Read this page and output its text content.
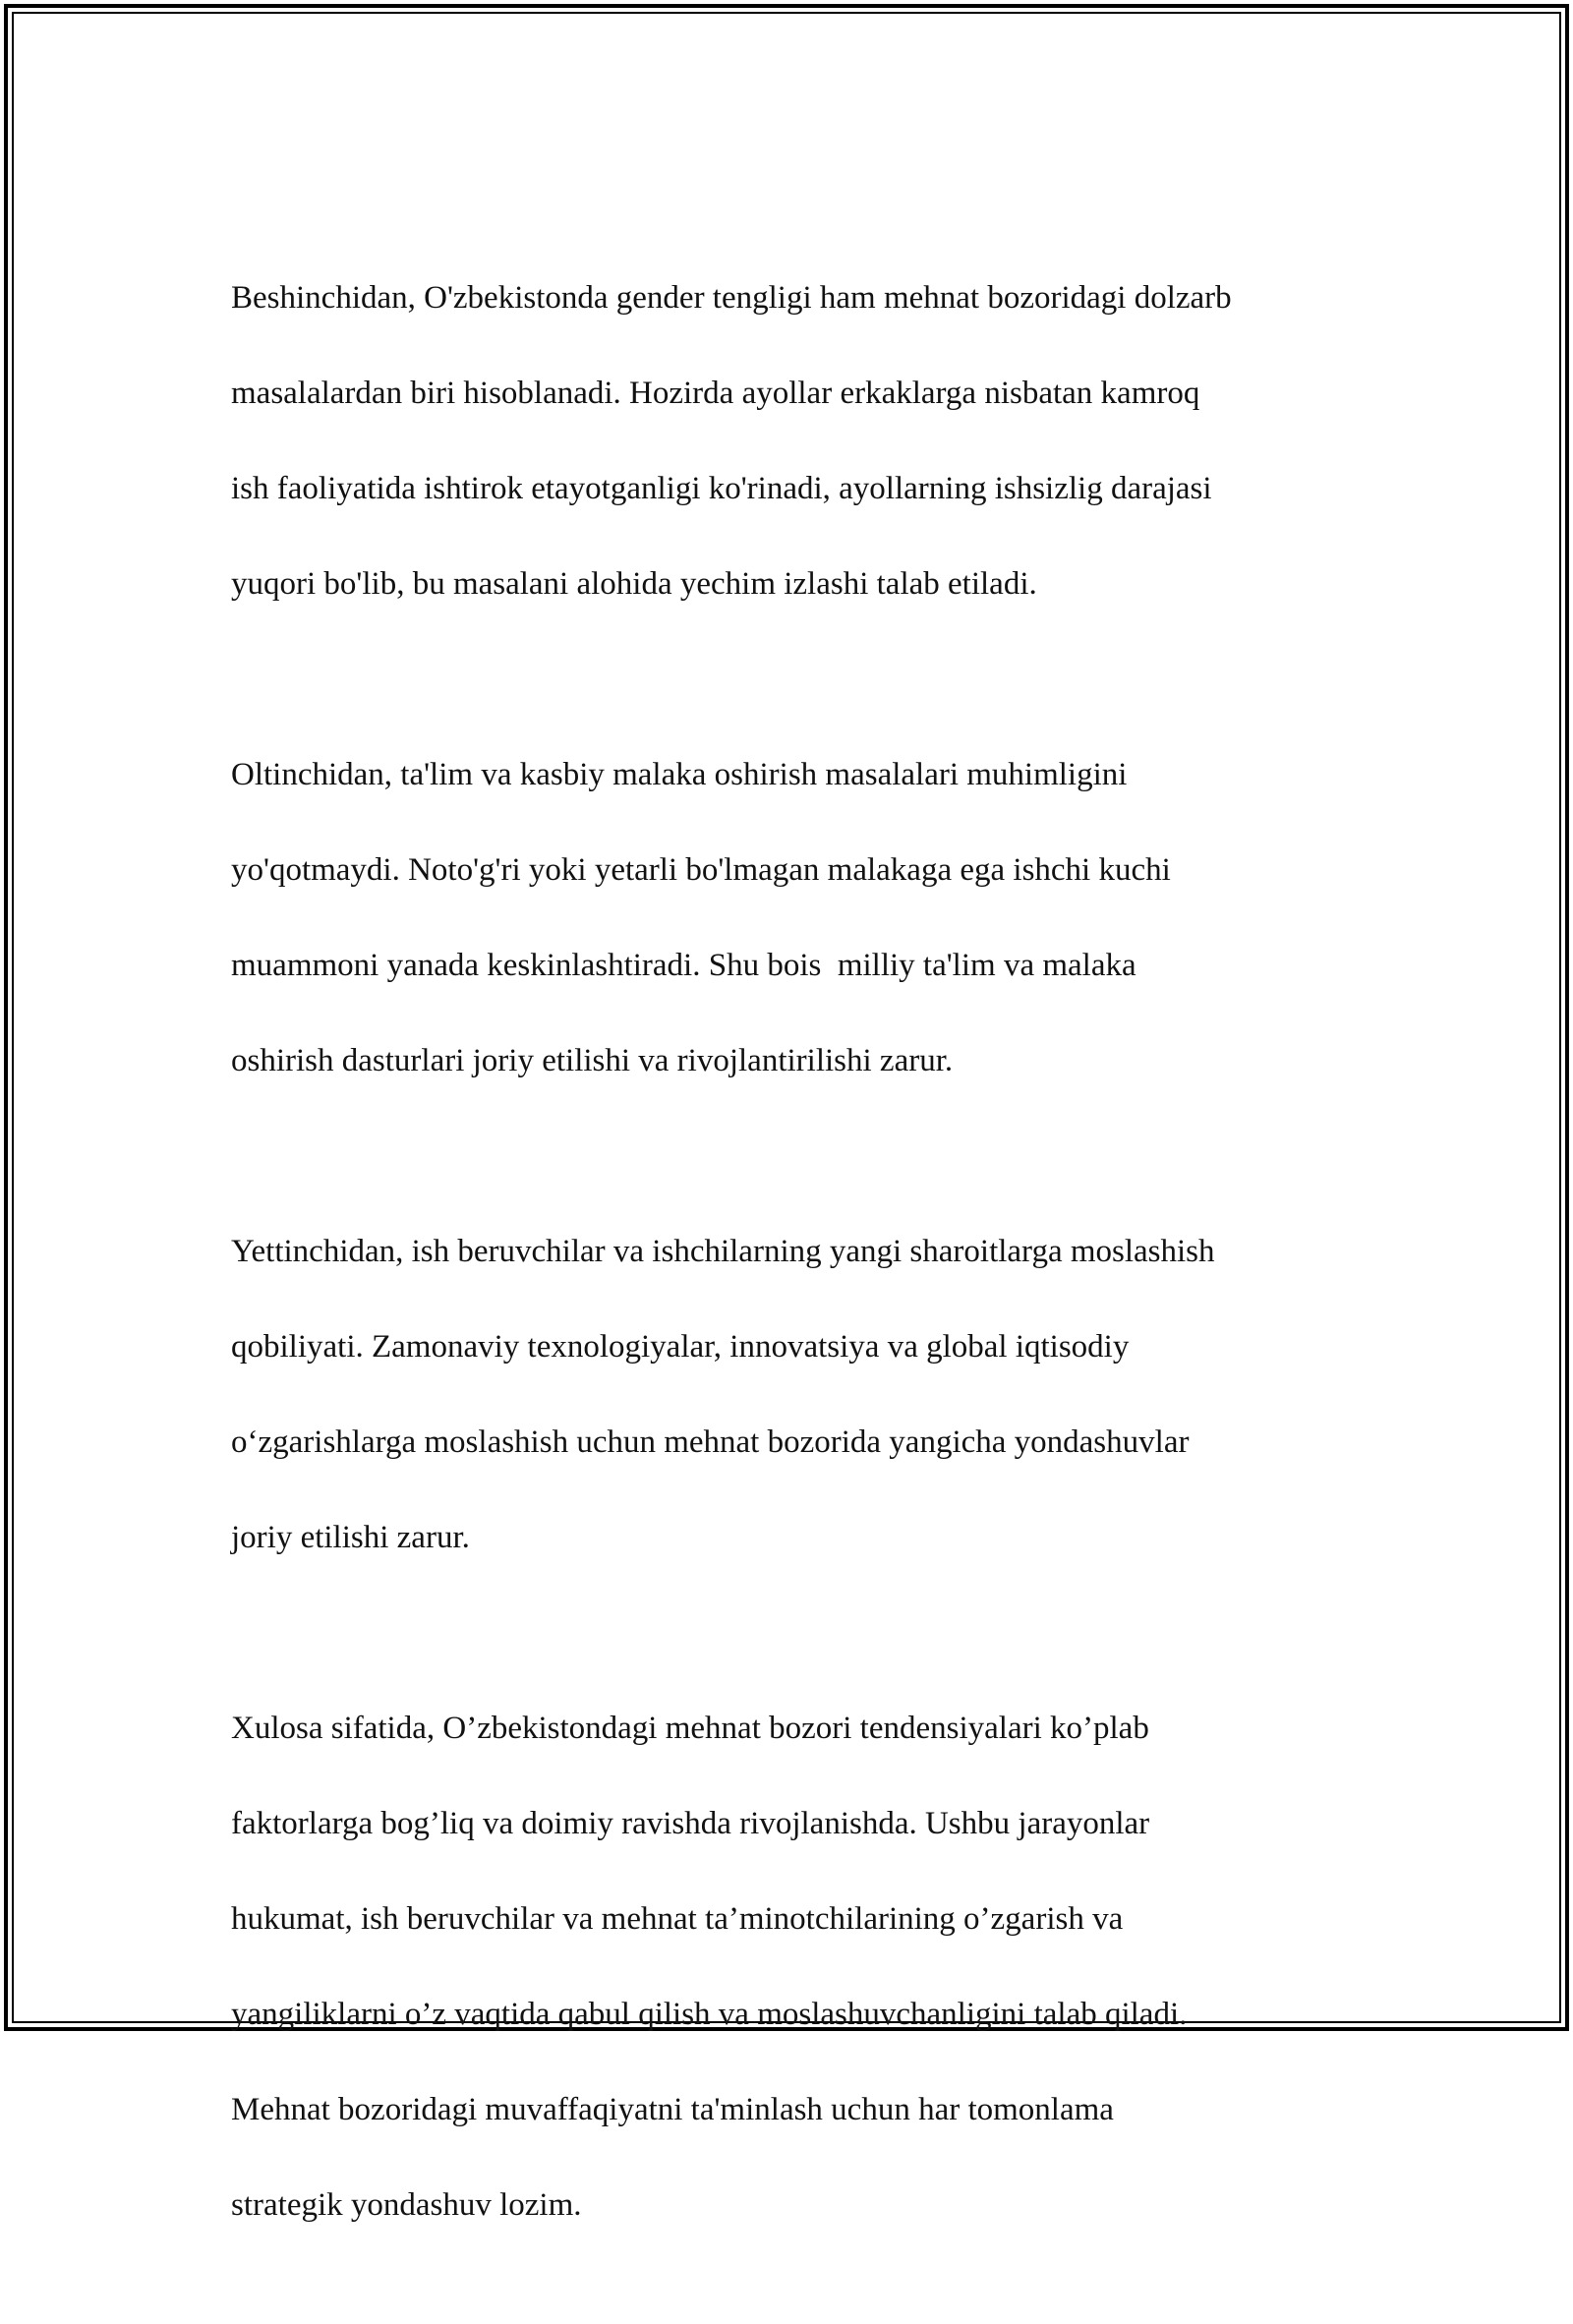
Beshinchidan, O'zbekistonda gender tengligi ham mehnat bozoridagi dolzarb

masalalardan biri hisoblanadi. Hozirda ayollar erkaklarga nisbatan kamroq

ish faoliyatida ishtirok etayotganligi ko'rinadi, ayollarning ishsizlig darajasi

yuqori bo'lib, bu masalani alohida yechim izlashi talab etiladi.

Oltinchidan, ta'lim va kasbiy malaka oshirish masalalari muhimligini

yo'qotmaydi. Noto'g'ri yoki yetarli bo'lmagan malakaga ega ishchi kuchi

muammoni yanada keskinlashtiradi. Shu bois  milliy ta'lim va malaka

oshirish dasturlari joriy etilishi va rivojlantirilishi zarur.

Yettinchidan, ish beruvchilar va ishchilarning yangi sharoitlarga moslashish

qobiliyati. Zamonaviy texnologiyalar, innovatsiya va global iqtisodiy

o‘zgarishlarga moslashish uchun mehnat bozorida yangicha yondashuvlar

joriy etilishi zarur.

Xulosa sifatida, O’zbekistondagi mehnat bozori tendensiyalari ko’plab

faktorlarga bog’liq va doimiy ravishda rivojlanishda. Ushbu jarayonlar

hukumat, ish beruvchilar va mehnat ta’minotchilarining o’zgarish va

yangiliklarni o’z vaqtida qabul qilish va moslashuvchanligini talab qiladi.

Mehnat bozoridagi muvaffaqiyatni ta'minlash uchun har tomonlama

strategik yondashuv lozim.
